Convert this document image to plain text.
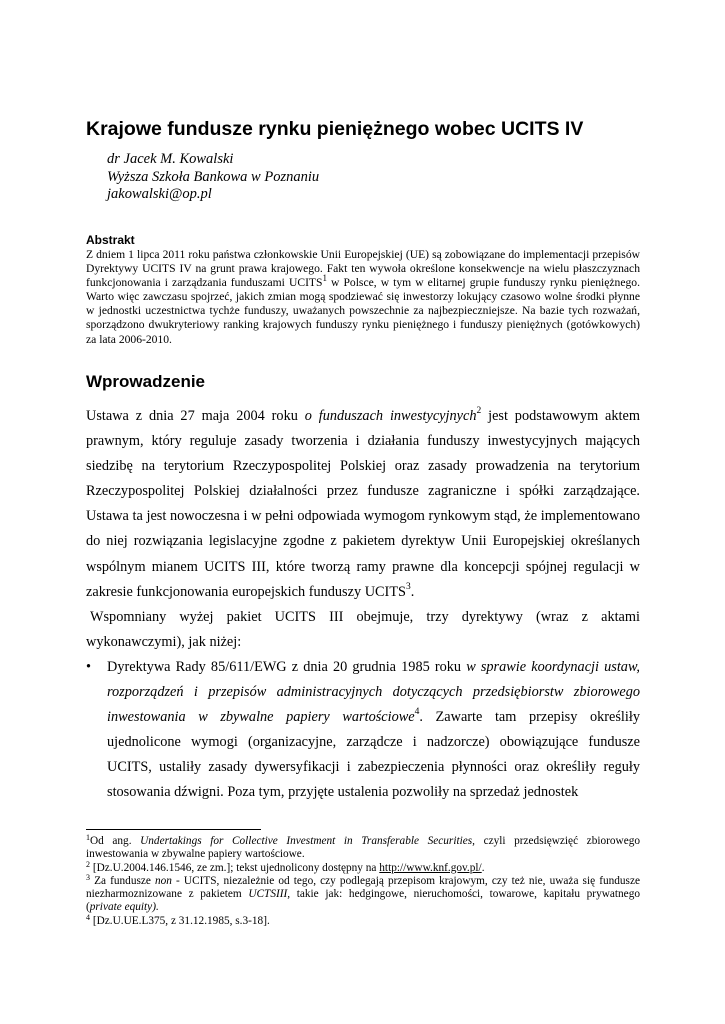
Krajowe fundusze rynku pieniężnego wobec UCITS IV
dr Jacek M. Kowalski
Wyższa Szkoła Bankowa w Poznaniu
jakowalski@op.pl
Abstrakt

Z dniem 1 lipca 2011 roku państwa członkowskie Unii Europejskiej (UE) są zobowiązane do implementacji przepisów Dyrektywy UCITS IV na grunt prawa krajowego. Fakt ten wywoła określone konsekwencje na wielu płaszczyznach funkcjonowania i zarządzania funduszami UCITS$^1$ w Polsce, w tym w elitarnej grupie funduszy rynku pieniężnego. Warto więc zawczasu spojrzeć, jakich zmian mogą spodziewać się inwestorzy lokujący czasowo wolne środki płynne w jednostki uczestnictwa tychże funduszy, uważanych powszechnie za najbezpieczniejsze. Na bazie tych rozważań, sporządzono dwukryteriowy ranking krajowych funduszy rynku pieniężnego i funduszy pieniężnych (gotówkowych) za lata 2006-2010.

Wprowadzenie

Ustawa z dnia 27 maja 2004 roku o funduszach inwestycyjnych$^2$ jest podstawowym aktem prawnym, który reguluje zasady tworzenia i działania funduszy inwestycyjnych mających siedzibę na terytorium Rzeczypospolitej Polskiej oraz zasady prowadzenia na terytorium Rzeczypospolitej Polskiej działalności przez fundusze zagraniczne i spółki zarządzające. Ustawa ta jest nowoczesna i w pełni odpowiada wymogom rynkowym stąd, że implementowano do niej rozwiązania legislacyjne zgodne z pakietem dyrektyw Unii Europejskiej określanych wspólnym mianem UCITS III, które tworzą ramy prawne dla koncepcji spójnej regulacji w zakresie funkcjonowania europejskich funduszy UCITS$^3$.

Wspomniany wyżej pakiet UCITS III obejmuje, trzy dyrektywy (wraz z aktami wykonawczymi), jak niżej:

• Dyrektywa Rady 85/611/EWG z dnia 20 grudnia 1985 roku w sprawie koordynacji ustaw, rozporządzeń i przepisów administracyjnych dotyczących przedsiębiorstw zbiorowego inwestowania w zbywalne papiery wartościowe$^4$. Zawarte tam przepisy określiły ujednolicone wymogi (organizacyjne, zarządcze i nadzorcze) obowiązujące fundusze UCITS, ustaliły zasady dywersyfikacji i zabezpieczenia płynności oraz określiły reguły stosowania dźwigni. Poza tym, przyjęte ustalenia pozwoliły na sprzedaż jednostek

$^1$Od ang. Undertakings for Collective Investment in Transferable Securities, czyli przedsięwzięć zbiorowego inwestowania w zbywalne papiery wartościowe.

$^2$ [Dz.U.2004.146.1546, ze zm.]; tekst ujednolicony dostępny na http://www.knf.gov.pl/.

$^3$ Za fundusze non - UCITS, niezależnie od tego, czy podlegają przepisom krajowym, czy też nie, uważa się fundusze niezharmoznizowane z pakietem UCTSIII, takie jak: hedgingowe, nieruchomości, towarowe, kapitału prywatnego (private equity).

$^4$ [Dz.U.UE.L375, z 31.12.1985, s.3-18].
